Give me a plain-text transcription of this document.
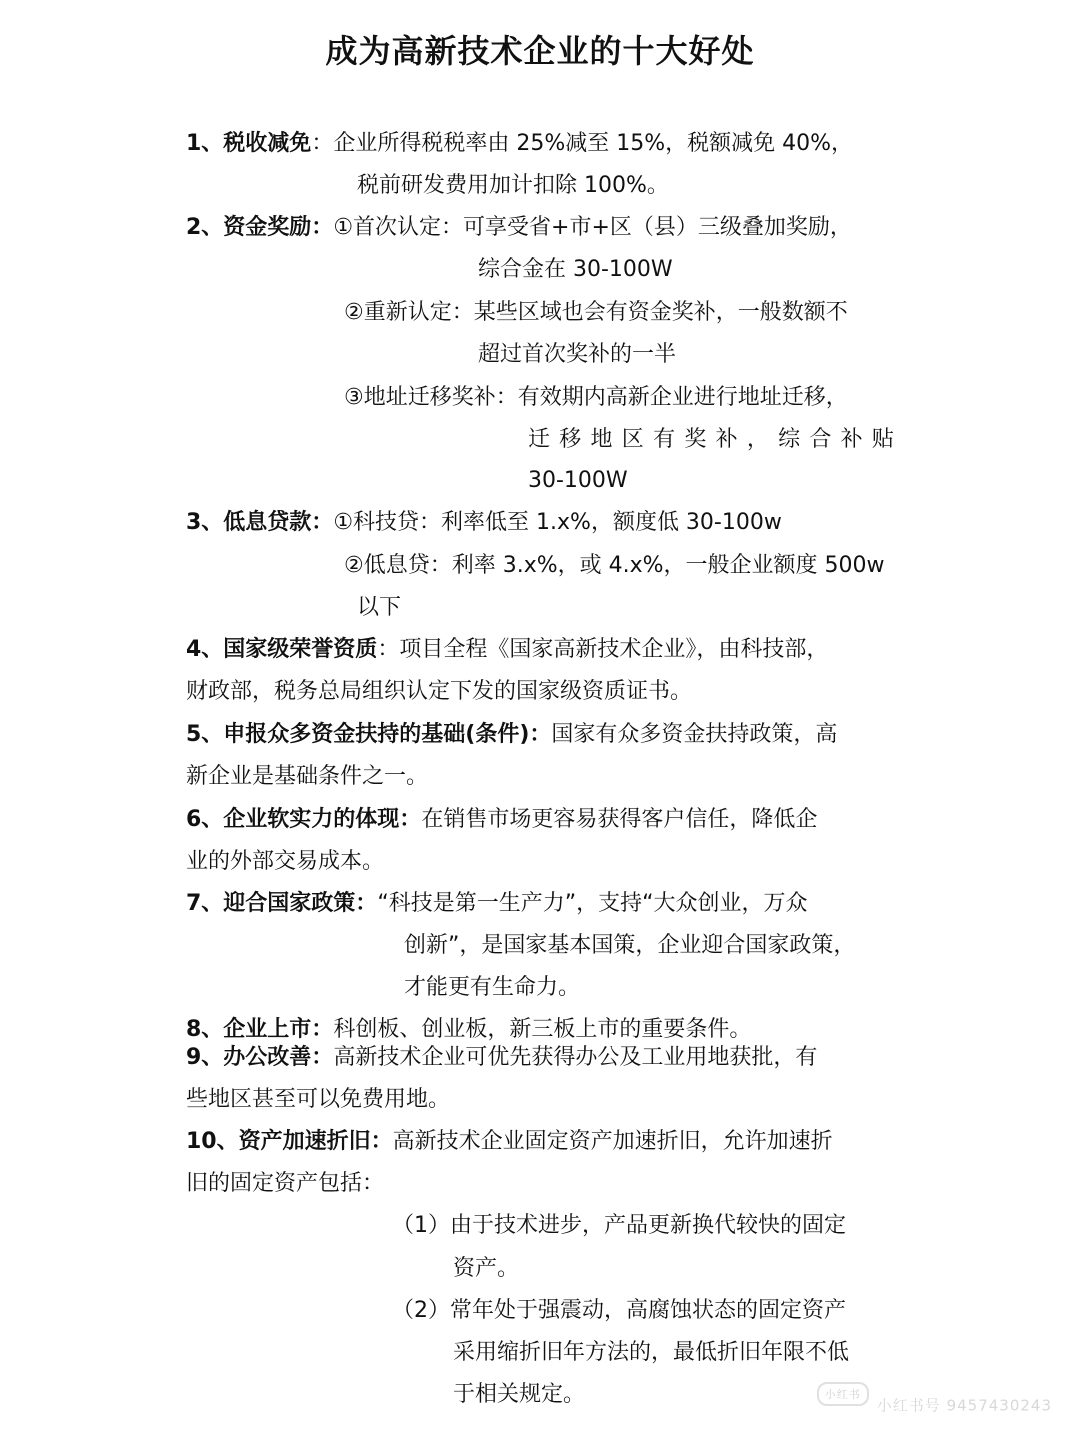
成为高新技术企业的十大好处

1、税收减免：企业所得税税率由 25%减至 15%，税额减免 40%，

税前研发费用加计扣除 100%。

2、资金奖励：①首次认定：可享受省+市+区（县）三级叠加奖励，

综合金在 30-100W

②重新认定：某些区域也会有资金奖补，一般数额不

超过首次奖补的一半

③地址迁移奖补：有效期内高新企业进行地址迁移，

迁 移 地 区 有 奖 补 ， 综 合 补 贴

30-100W

3、低息贷款：①科技贷：利率低至 1.x%，额度低 30-100w

②低息贷：利率 3.x%，或 4.x%，一般企业额度 500w

以下

4、国家级荣誉资质：项目全程《国家高新技术企业》，由科技部，

财政部，税务总局组织认定下发的国家级资质证书。

5、申报众多资金扶持的基础(条件)：国家有众多资金扶持政策，高

新企业是基础条件之一。

6、企业软实力的体现：在销售市场更容易获得客户信任，降低企

业的外部交易成本。

7、迎合国家政策：“科技是第一生产力”，支持“大众创业，万众

创新”，是国家基本国策，企业迎合国家政策，

才能更有生命力。

8、企业上市：科创板、创业板，新三板上市的重要条件。

9、办公改善：高新技术企业可优先获得办公及工业用地获批，有

些地区甚至可以免费用地。

10、资产加速折旧：高新技术企业固定资产加速折旧，允许加速折

旧的固定资产包括：

（1）由于技术进步，产品更新换代较快的固定

资产。

（2）常年处于强震动，高腐蚀状态的固定资产

采用缩折旧年方法的，最低折旧年限不低

于相关规定。	小红书小红书号 9457430243
